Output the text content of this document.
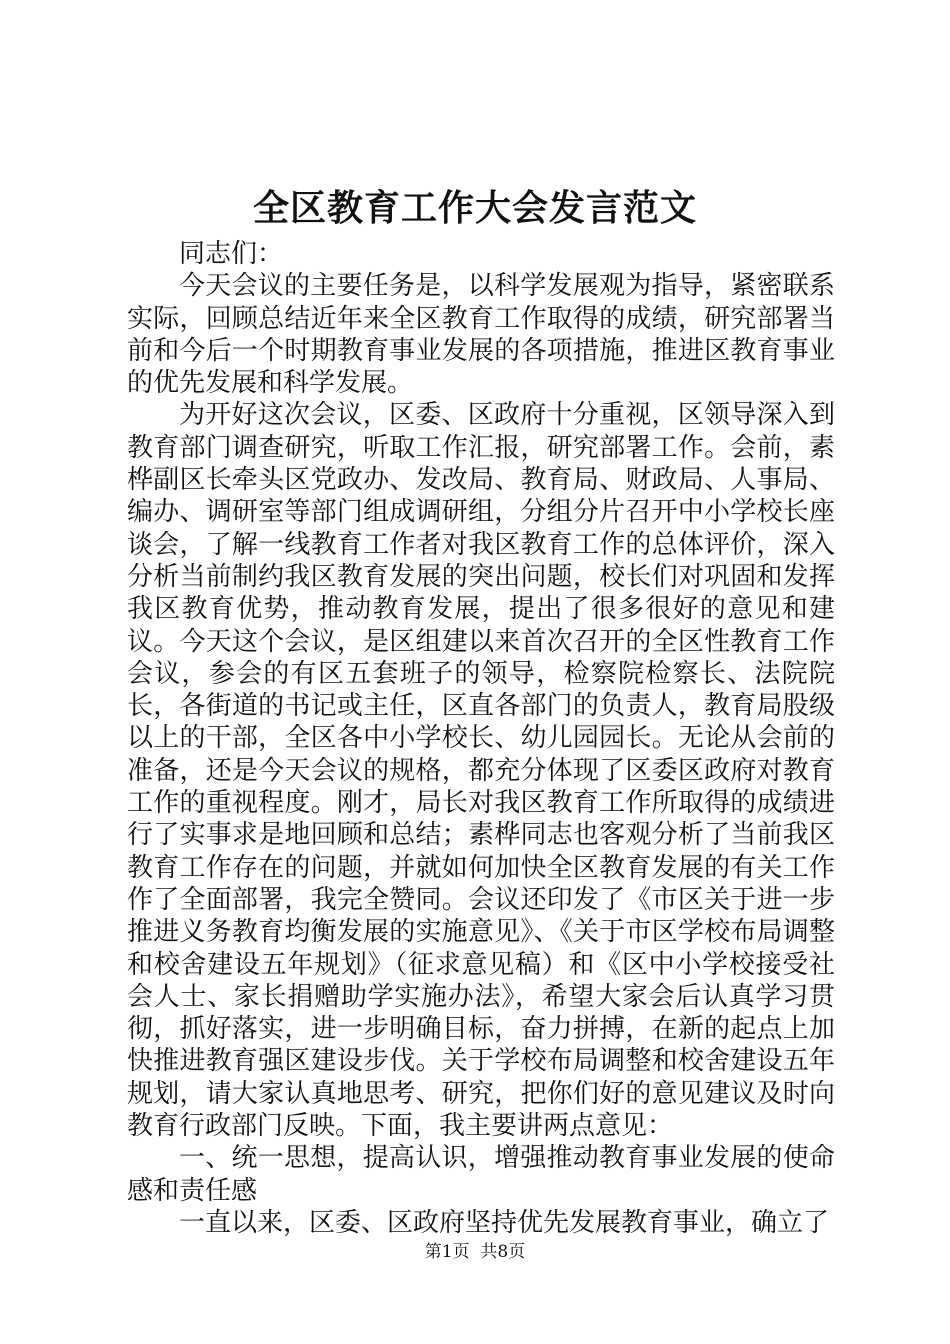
全区教育工作大会发言范文

同志们：

今天会议的主要任务是，以科学发展观为指导，紧密联系实际，回顾总结近年来全区教育工作取得的成绩，研究部署当前和今后一个时期教育事业发展的各项措施，推进区教育事业的优先发展和科学发展。

为开好这次会议，区委、区政府十分重视，区领导深入到教育部门调查研究，听取工作汇报，研究部署工作。会前，素桦副区长牵头区党政办、发改局、教育局、财政局、人事局、编办、调研室等部门组成调研组，分组分片召开中小学校长座谈会，了解一线教育工作者对我区教育工作的总体评价，深入分析当前制约我区教育发展的突出问题，校长们对巩固和发挥我区教育优势，推动教育发展，提出了很多很好的意见和建议。今天这个会议，是区组建以来首次召开的全区性教育工作会议，参会的有区五套班子的领导，检察院检察长、法院院长，各街道的书记或主任，区直各部门的负责人，教育局股级以上的干部，全区各中小学校长、幼儿园园长。无论从会前的准备，还是今天会议的规格，都充分体现了区委区政府对教育工作的重视程度。刚才，局长对我区教育工作所取得的成绩进行了实事求是地回顾和总结；素桦同志也客观分析了当前我区教育工作存在的问题，并就如何加快全区教育发展的有关工作作了全面部署，我完全赞同。会议还印发了《市区关于进一步推进义务教育均衡发展的实施意见》、《关于市区学校布局调整和校舍建设五年规划》（征求意见稿）和《区中小学校接受社会人士、家长捐赠助学实施办法》，希望大家会后认真学习贯彻，抓好落实，进一步明确目标，奋力拼搏，在新的起点上加快推进教育强区建设步伐。关于学校布局调整和校舍建设五年规划，请大家认真地思考、研究，把你们好的意见建议及时向教育行政部门反映。下面，我主要讲两点意见：

一、统一思想，提高认识，增强推动教育事业发展的使命感和责任感

一直以来，区委、区政府坚持优先发展教育事业，确立了

第1页 共8页
